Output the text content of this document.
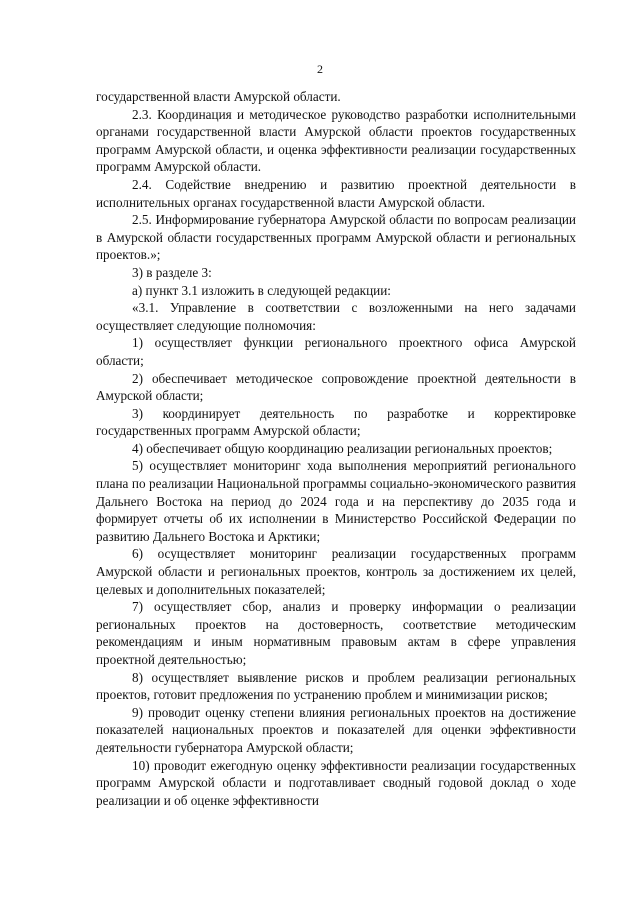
2

государственной власти Амурской области.

2.3. Координация и методическое руководство разработки исполнительными органами государственной власти Амурской области проектов государственных программ Амурской области, и оценка эффективности реализации государственных программ Амурской области.

2.4. Содействие внедрению и развитию проектной деятельности в исполнительных органах государственной власти Амурской области.

2.5. Информирование губернатора Амурской области по вопросам реализации в Амурской области государственных программ Амурской области и региональных проектов.»;

3) в разделе 3:

а) пункт 3.1 изложить в следующей редакции:

«3.1. Управление в соответствии с возложенными на него задачами осуществляет следующие полномочия:

1) осуществляет функции регионального проектного офиса Амурской области;

2) обеспечивает методическое сопровождение проектной деятельности в Амурской области;

3) координирует деятельность по разработке и корректировке государственных программ Амурской области;

4) обеспечивает общую координацию реализации региональных проектов;

5) осуществляет мониторинг хода выполнения мероприятий регионального плана по реализации Национальной программы социально-экономического развития Дальнего Востока на период до 2024 года и на перспективу до 2035 года и формирует отчеты об их исполнении в Министерство Российской Федерации по развитию Дальнего Востока и Арктики;

6) осуществляет мониторинг реализации государственных программ Амурской области и региональных проектов, контроль за достижением их целей, целевых и дополнительных показателей;

7) осуществляет сбор, анализ и проверку информации о реализации региональных проектов на достоверность, соответствие методическим рекомендациям и иным нормативным правовым актам в сфере управления проектной деятельностью;

8) осуществляет выявление рисков и проблем реализации региональных проектов, готовит предложения по устранению проблем и минимизации рисков;

9) проводит оценку степени влияния региональных проектов на достижение показателей национальных проектов и показателей для оценки эффективности деятельности губернатора Амурской области;

10) проводит ежегодную оценку эффективности реализации государственных программ Амурской области и подготавливает сводный годовой доклад о ходе реализации и об оценке эффективности
